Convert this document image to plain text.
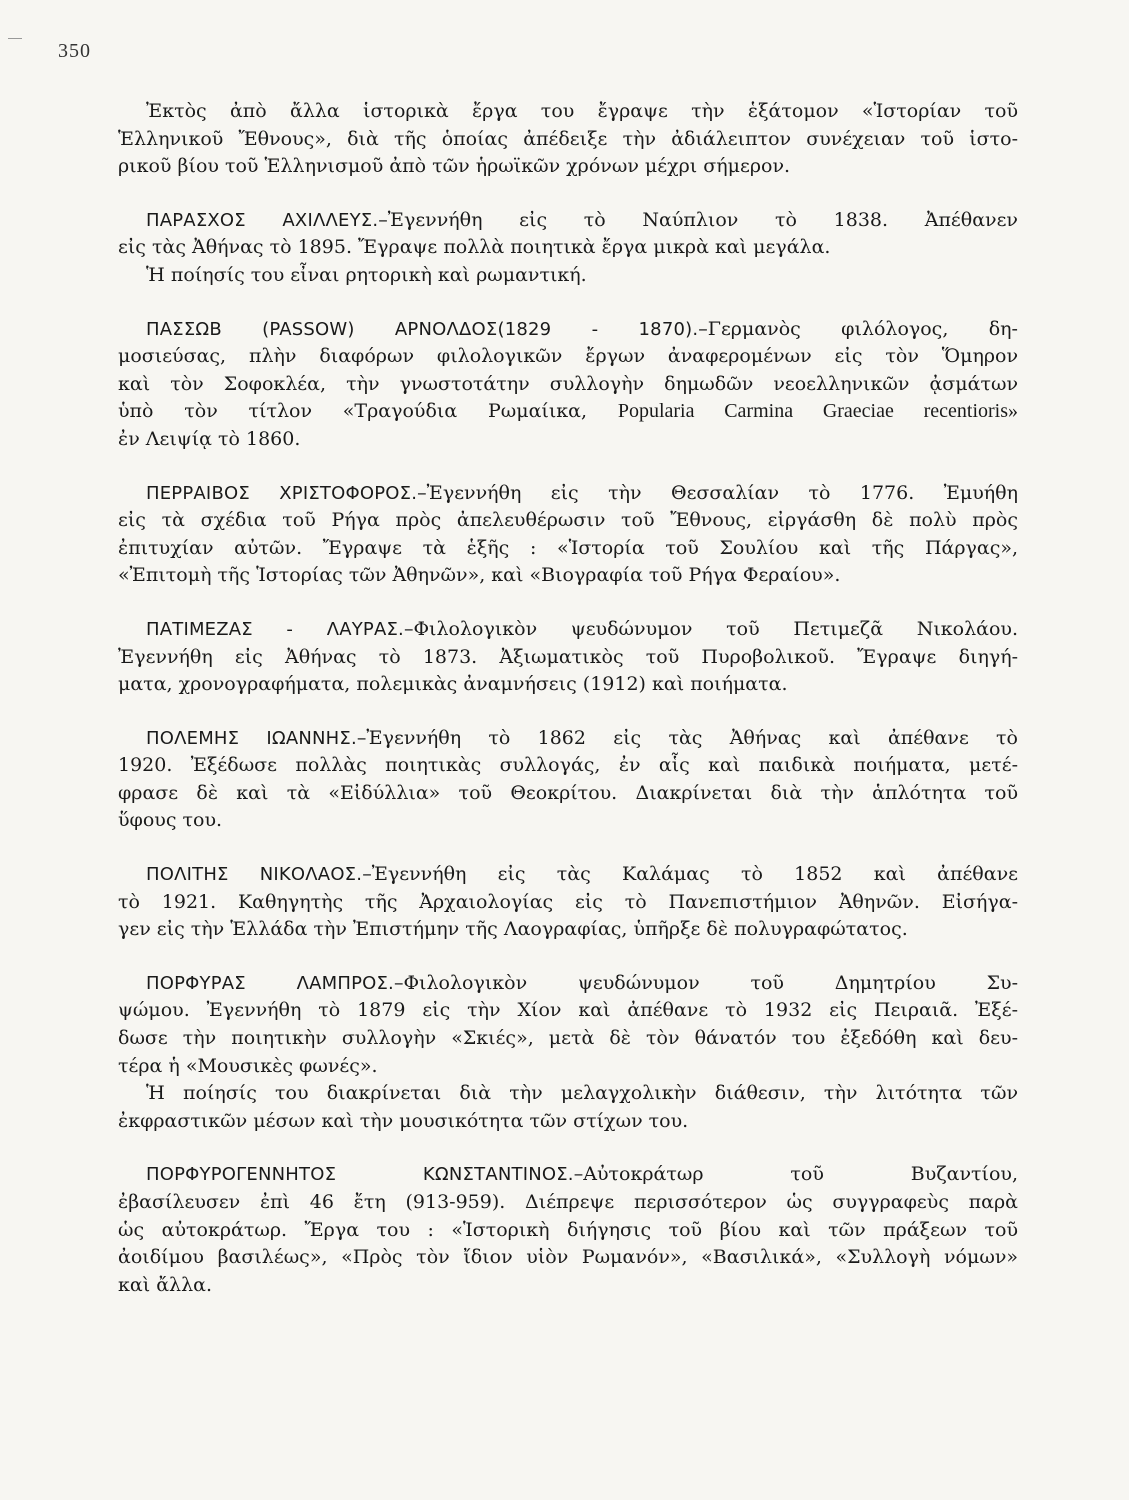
350
Ἐκτὸς ἀπὸ ἄλλα ἱστορικὰ ἔργα του ἔγραψε τὴν ἑξάτομον «Ἱστορίαν τοῦ
Ἑλληνικοῦ Ἔθνους», διὰ τῆς ὁποίας ἀπέδειξε τὴν ἀδιάλειπτον συνέχειαν τοῦ ἱστο-
ρικοῦ βίου τοῦ Ἑλληνισμοῦ ἀπὸ τῶν ἡρωϊκῶν χρόνων μέχρι σήμερον.
ΠΑΡΑΣΧΟΣ ΑΧΙΛΛΕΥΣ.–Ἐγεννήθη εἰς τὸ Ναύπλιον τὸ 1838. Ἀπέθανεν
εἰς τὰς Ἀθήνας τὸ 1895. Ἔγραψε πολλὰ ποιητικὰ ἔργα μικρὰ καὶ μεγάλα.
Ἡ ποίησίς του εἶναι ρητορικὴ καὶ ρωμαντική.
ΠΑΣΣΩΒ (PASSOW) ΑΡΝΟΛΔΟΣ(1829 - 1870).–Γερμανὸς φιλόλογος, δη-
μοσιεύσας, πλὴν διαφόρων φιλολογικῶν ἔργων ἀναφερομένων εἰς τὸν Ὅμηρον
καὶ τὸν Σοφοκλέα, τὴν γνωστοτάτην συλλογὴν δημωδῶν νεοελληνικῶν ᾀσμάτων
ὑπὸ τὸν τίτλον «Τραγούδια Ρωμαίικα, Popularia Carmina Graeciae recentioris»
ἐν Λειψίᾳ τὸ 1860.
ΠΕΡΡΑΙΒΟΣ ΧΡΙΣΤΟΦΟΡΟΣ.–Ἐγεννήθη εἰς τὴν Θεσσαλίαν τὸ 1776. Ἐμυήθη
εἰς τὰ σχέδια τοῦ Ρήγα πρὸς ἀπελευθέρωσιν τοῦ Ἔθνους, εἰργάσθη δὲ πολὺ πρὸς
ἐπιτυχίαν αὐτῶν. Ἔγραψε τὰ ἑξῆς : «Ἱστορία τοῦ Σουλίου καὶ τῆς Πάργας»,
«Ἐπιτομὴ τῆς Ἱστορίας τῶν Ἀθηνῶν», καὶ «Βιογραφία τοῦ Ρήγα Φεραίου».
ΠΑΤΙΜΕΖΑΣ - ΛΑΥΡΑΣ.–Φιλολογικὸν ψευδώνυμον τοῦ Πετιμεζᾶ Νικολάου.
Ἐγεννήθη εἰς Ἀθήνας τὸ 1873. Ἀξιωματικὸς τοῦ Πυροβολικοῦ. Ἔγραψε διηγή-
ματα, χρονογραφήματα, πολεμικὰς ἀναμνήσεις (1912) καὶ ποιήματα.
ΠΟΛΕΜΗΣ ΙΩΑΝΝΗΣ.–Ἐγεννήθη τὸ 1862 εἰς τὰς Ἀθήνας καὶ ἀπέθανε τὸ
1920. Ἐξέδωσε πολλὰς ποιητικὰς συλλογάς, ἐν αἷς καὶ παιδικὰ ποιήματα, μετέ-
φρασε δὲ καὶ τὰ «Εἰδύλλια» τοῦ Θεοκρίτου. Διακρίνεται διὰ τὴν ἁπλότητα τοῦ
ὕφους του.
ΠΟΛΙΤΗΣ ΝΙΚΟΛΑΟΣ.–Ἐγεννήθη εἰς τὰς Καλάμας τὸ 1852 καὶ ἀπέθανε
τὸ 1921. Καθηγητὴς τῆς Ἀρχαιολογίας εἰς τὸ Πανεπιστήμιον Ἀθηνῶν. Εἰσήγα-
γεν εἰς τὴν Ἑλλάδα τὴν Ἐπιστήμην τῆς Λαογραφίας, ὑπῆρξε δὲ πολυγραφώτατος.
ΠΟΡΦΥΡΑΣ ΛΑΜΠΡΟΣ.–Φιλολογικὸν ψευδώνυμον τοῦ Δημητρίου Συ-
ψώμου. Ἐγεννήθη τὸ 1879 εἰς τὴν Χίον καὶ ἀπέθανε τὸ 1932 εἰς Πειραιᾶ. Ἐξέ-
δωσε τὴν ποιητικὴν συλλογὴν «Σκιές», μετὰ δὲ τὸν θάνατόν του ἐξεδόθη καὶ δευ-
τέρα ἡ «Μουσικὲς φωνές».
Ἡ ποίησίς του διακρίνεται διὰ τὴν μελαγχολικὴν διάθεσιν, τὴν λιτότητα τῶν
ἐκφραστικῶν μέσων καὶ τὴν μουσικότητα τῶν στίχων του.
ΠΟΡΦΥΡΟΓΕΝΝΗΤΟΣ ΚΩΝΣΤΑΝΤΙΝΟΣ.–Αὐτοκράτωρ τοῦ Βυζαντίου,
ἐβασίλευσεν ἐπὶ 46 ἔτη (913-959). Διέπρεψε περισσότερον ὡς συγγραφεὺς παρὰ
ὡς αὐτοκράτωρ. Ἔργα του : «Ἱστορικὴ διήγησις τοῦ βίου καὶ τῶν πράξεων τοῦ
ἀοιδίμου βασιλέως», «Πρὸς τὸν ἴδιον υἱὸν Ρωμανόν», «Βασιλικά», «Συλλογὴ νόμων»
καὶ ἄλλα.
